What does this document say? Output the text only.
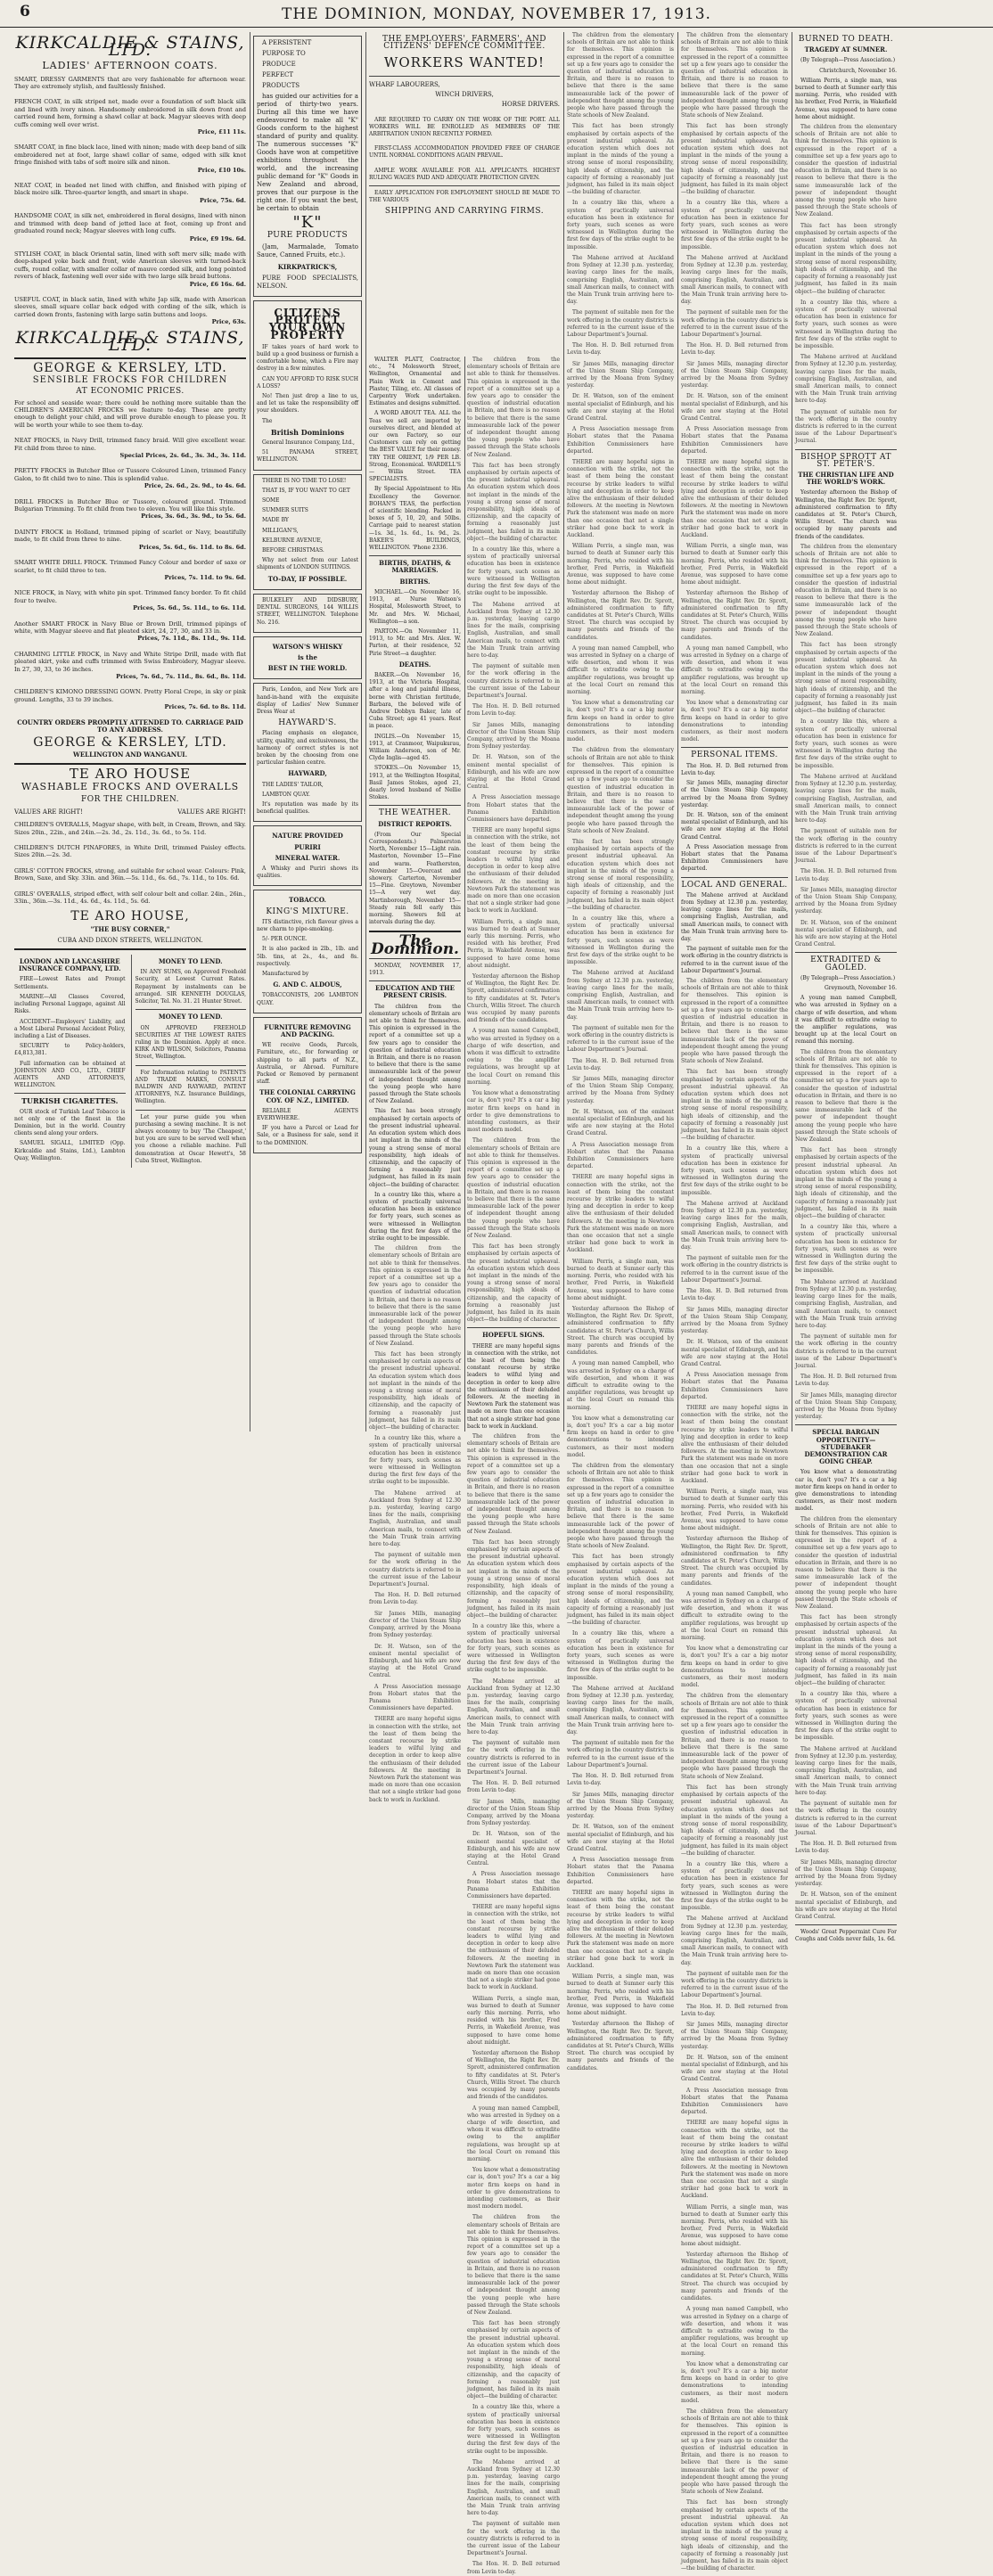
6	THE DOMINION, MONDAY, NOVEMBER 17, 1913.
KIRKCALDIE & STAINS, LTD.
LADIES' AFTERNOON COATS.
SMART, DRESSY GARMENTS that are very fashionable for afternoon wear. They are extremely stylish, and faultlessly finished.
FRENCH COAT, in silk striped net, made over a foundation of soft black silk and lined with ivory ninon. Handsomely embroidered in silk down front and carried round hem, forming a shawl collar at back. Magyar sleeves with deep cuffs coming well over wrist.
Price, £11 11s.
SMART COAT, in fine black lace, lined with ninon; made with deep band of silk embroidered net at foot, large shawl collar of same, edged with silk knot fringe finished with tabs of soft moire silk and ninon.
Price, £10 10s.
NEAT COAT, in beaded net lined with chiffon, and finished with piping of black moire silk. Three-quarter length, and smart in shape.
Price, 75s. 6d.
HANDSOME COAT, in silk net, embroidered in floral designs, lined with ninon and trimmed with deep band of jetted lace at foot, coming up front and graduated round neck; Magyar sleeves with long cuffs.
Price, £9 19s. 6d.
STYLISH COAT, in black Oriental satin, lined with soft merv silk; made with deep-shaped yoke back and front, wide American sleeves with turned-back cuffs, round collar, with smaller collar of mauve corded silk, and long pointed revers of black, fastening well over side with two large silk braid buttons.
Price, £6 16s. 6d.
USEFUL COAT, in black satin, lined with white Jap silk, made with American sleeves, small square collar back edged with cording of the silk, which is carried down fronts, fastening with large satin buttons and loops.
Price, 63s.
KIRKCALDIE & STAINS, LTD.
GEORGE & KERSLEY, LTD.
SENSIBLE FROCKS FOR CHILDREN
AT ECONOMIC PRICES.
For school and seaside wear; there could be nothing more suitable than the CHILDREN'S AMERICAN FROCKS we feature to-day. These are pretty enough to delight your child, and will prove durable enough to please you. It will be worth your while to see them to-day.
NEAT FROCKS, in Navy Drill, trimmed fancy braid. Will give excellent wear. Fit child from three to nine.
Special Prices, 2s. 6d., 3s. 3d., 3s. 11d.
PRETTY FROCKS in Butcher Blue or Tussore Coloured Linen, trimmed Fancy Galon, to fit child two to nine. This is splendid value.
Price, 2s. 6d., 2s. 9d., to 4s. 6d.
DRILL FROCKS in Butcher Blue or Tussore, coloured ground. Trimmed Bulgarian Trimming. To fit child from two to eleven. You will like this style.
Prices, 3s. 6d., 3s. 9d., to 5s. 6d.
DAINTY FROCK in Holland, trimmed piping of scarlet or Navy, beautifully made, to fit child from three to nine.
Prices, 5s. 6d., 6s. 11d. to 8s. 6d.
SMART WHITE DRILL FROCK. Trimmed Fancy Colour and border of saxe or scarlet, to fit child three to ten.
Prices, 7s. 11d. to 9s. 6d.
NICE FROCK, in Navy, with white pin spot. Trimmed fancy border. To fit child four to twelve.
Prices, 5s. 6d., 5s. 11d., to 6s. 11d.
Another SMART FROCK in Navy Blue or Brown Drill, trimmed pipings of white, with Magyar sleeve and flat pleated skirt, 24, 27, 30, and 33 in.
Prices, 7s. 11d., 8s. 11d., 9s. 11d.
CHARMING LITTLE FROCK, in Navy and White Stripe Drill, made with flat pleated skirt, yoke and cuffs trimmed with Swiss Embroidery, Magyar sleeve. In 27, 30, 33, to 36 inches.
Prices, 7s. 6d., 7s. 11d., 8s. 6d., 8s. 11d.
CHILDREN'S KIMONO DRESSING GOWN. Pretty Floral Crepe, in sky or pink ground. Lengths, 33 to 39 inches.
Prices, 7s. 6d. to 8s. 11d.
COUNTRY ORDERS PROMPTLY ATTENDED TO. CARRIAGE PAID TO ANY ADDRESS.
GEORGE & KERSLEY, LTD.
WELLINGTON AND WANGANUI.
TE ARO HOUSE
WASHABLE FROCKS AND OVERALLS
FOR THE CHILDREN.
VALUES ARE RIGHT!	VALUES ARE RIGHT!
CHILDREN'S OVERALLS, Magyar shape, with belt, in Cream, Brown, and Sky. Sizes 20in., 22in., and 24in.—2s. 3d., 2s. 11d., 3s. 6d., to 5s. 11d.
CHILDREN'S DUTCH PINAFORES, in White Drill, trimmed Paisley effects. Sizes 20in.—2s. 3d.
GIRLS' COTTON FROCKS, strong, and suitable for school wear. Colours: Pink, Brown, Saxe, and Sky. 33in. and 36in.—5s. 11d., 6s. 6d., 7s. 11d., to 10s. 6d.
GIRLS' OVERALLS, striped effect, with self colour belt and collar. 24in., 26in., 33in., 36in.—3s. 11d., 4s. 6d., 4s. 11d., 5s. 6d.
TE ARO HOUSE,
"THE BUSY CORNER,"
CUBA AND DIXON STREETS, WELLINGTON.
LONDON AND LANCASHIRE INSURANCE COMPANY, LTD.
FIRE—Lowest Rates and Prompt Settlements.
MARINE—All Classes Covered, including Personal Luggage, against All Risks.
ACCIDENT—Employers' Liability, and a Most Liberal Personal Accident Policy, including a List of Diseases.
SECURITY to Policy-holders, £4,813,381.
Full information can be obtained at JOHNSTON AND CO., LTD., CHIEF AGENTS AND ATTORNEYS, WELLINGTON.
TURKISH CIGARETTES.
OUR stock of Turkish Leaf Tobacco is not only one of the finest in the Dominion, but in the world. Country clients send along your orders.
SAMUEL SIGALL, LIMITED (Opp. Kirkcaldie and Stains, Ltd.), Lambton Quay, Wellington.
MONEY TO LEND.
IN ANY SUMS, on Approved Freehold Security, at Lowest Current Rates. Repayment by instalments can be arranged. SIR KENNETH DOUGLAS, Solicitor, Tel. No. 31. 21 Hunter Street.
MONEY TO LEND.
ON APPROVED FREEHOLD SECURITIES AT THE LOWEST RATES ruling in the Dominion. Apply at once. KIRK AND WILSON, Solicitors, Panama Street, Wellington.
For Information relating to PATENTS AND TRADE MARKS, CONSULT BALDWIN AND RAYWARD, PATENT ATTORNEYS, N.Z. Insurance Buildings, Wellington.
Let your purse guide you when purchasing a sewing machine. It is not always economy to buy 'The Cheapest,' but you are sure to be served well when you choose a reliable machine. Full demonstration at Oscar Hewett's, 58 Cuba Street, Wellington.
A PERSISTENT
PURPOSE TO
PRODUCE
PERFECT
PRODUCTS
has guided our activities for a period of thirty-two years. During all this time we have endeavoured to make all "K" Goods conform to the highest standard of purity and quality. The numerous successes "K" Goods have won at competitive exhibitions throughout the world, and the increasing public demand for "K" Goods in New Zealand and abroad, proves that our purpose is the right one. If you want the best, be certain to obtain
"K"
PURE PRODUCTS
(Jam, Marmalade, Tomato Sauce, Canned Fruits, etc.).
KIRKPATRICK'S,
PURE FOOD SPECIALISTS, NELSON.
CITIZENS PROTECT YOUR OWN PROPERTY
IF takes years of hard work to build up a good business or furnish a comfortable home, which a Fire may destroy in a few minutes.
CAN YOU AFFORD TO RISK SUCH A LOSS?
No! Then just drop a line to us, and let us take the responsibility off your shoulders.
The
British Dominions
General Insurance Company, Ltd.,
51 PANAMA STREET, WELLINGTON.
THERE IS NO TIME TO LOSE!
THAT IS, IF YOU WANT TO GET
SOME
SUMMER SUITS
MADE BY
MILLIGAN'S,
KELBURNE AVENUE,
BEFORE CHRISTMAS.
Why not select from our Latest shipments of LONDON SUITINGS.
TO-DAY, IF POSSIBLE.
BULKELEY AND DIDSBURY, DENTAL SURGEONS, 144 WILLIS STREET, WELLINGTON. Telephone No. 216.
WATSON'S WHISKY
is the
BEST IN THE WORLD.
Paris, London, and New York are hand-in-hand with the exquisite display of Ladies' New Summer Dress Wear at
HAYWARD'S.
Placing emphasis on elegance, utility, quality, and exclusiveness, the harmony of correct styles is not broken by the choosing from one particular fashion centre.
HAYWARD,
THE LADIES' TAILOR,
LAMBTON QUAY.
It's reputation was made by its beneficial qualities.
NATURE PROVIDED
PURIRI
MINERAL WATER.
A Whisky and Puriri shows its qualities.
TOBACCO.
KING'S MIXTURE.
ITS distinctive, rich flavour gives a new charm to pipe-smoking.
5/- PER OUNCE.
It is also packed in 2lb., 1lb. and 5lb. tins, at 2s., 4s., and 8s. respectively.
Manufactured by
G. AND C. ALDOUS,
TOBACCONISTS, 206 LAMBTON QUAY.
FURNITURE REMOVING AND PACKING.
WE receive Goods, Parcels, Furniture, etc., for forwarding or shipping to all parts of N.Z., Australia, or Abroad. Furniture Packed or Removed by permanent staff.
THE COLONIAL CARRYING COY. OF N.Z., LIMITED.
RELIABLE AGENTS EVERYWHERE.
IF you have a Parcel or Lead for Sale, or a Business for sale, send it to the DOMINION.
THE EMPLOYERS', FARMERS', AND CITIZENS' DEFENCE COMMITTEE.
WORKERS WANTED!
WHARF LABOURERS,
WINCH DRIVERS,
HORSE DRIVERS.
ARE REQUIRED TO CARRY ON THE WORK OF THE PORT. ALL WORKERS WILL BE ENROLLED AS MEMBERS OF THE ARBITRATION UNION RECENTLY FORMED.
FIRST-CLASS ACCOMMODATION PROVIDED FREE OF CHARGE UNTIL NORMAL CONDITIONS AGAIN PREVAIL.
AMPLE WORK AVAILABLE FOR ALL APPLICANTS. HIGHEST RULING WAGES PAID AND ADEQUATE PROTECTION GIVEN.
EARLY APPLICATION FOR EMPLOYMENT SHOULD BE MADE TO THE VARIOUS
SHIPPING AND CARRYING FIRMS.
WALTER PLATT, Contractor, etc., 74 Molesworth Street, Wellington, Ornamental and Plain Work in Cement and Plaster, Tiling, etc. All classes of Carpentry Work undertaken. Estimates and designs submitted.
A WORD ABOUT TEA. ALL the Teas we sell are imported by ourselves direct, and blended at our own Factory, so our Customers can rely on getting the BEST VALUE for their money. TRY THE ORIENT, 1/9 PER LB. Strong, Economical. WARDELL'S — Willis Street. TEA SPECIALISTS.
By Special Appointment to His Excellency the Governor. BOHAN'S TEAS, the perfection of scientific blending. Packed in boxes of 5, 10, 20, and 50lbs. Carriage paid to nearest station—1s. 3d., 1s. 6d., 1s. 9d., 2s. BAKER'S BUILDINGS, WELLINGTON. 'Phone 2336.
BIRTHS, DEATHS, & MARRIAGES.
BIRTHS.
MICHAEL.—On November 16, 1913, at Nurse Watson's Hospital, Molesworth Street, to Mr. and Mrs. W. Michael, Wellington—a son.
PARTON.—On November 11, 1913, to Mr. and Mrs. Alex. W. Parton, at their residence, 52 Pirie Street—a daughter.
DEATHS.
BAKER.—On November 16, 1913, at the Victoria Hospital, after a long and painful illness, borne with Christian fortitude, Barbara, the beloved wife of Andrew Dobbyn Baker, late of Cuba Street; age 41 years. Rest in peace.
INGLIS.—On November 15, 1913, at Cranmoor, Waipukurau, William Anderson, son of Mr. Clyde Inglis—aged 45.
STOKES.—On November 15, 1913, at the Wellington Hospital, Basil James Stokes, aged 21, dearly loved husband of Nellie Stokes.
THE WEATHER.
DISTRICT REPORTS.
(From Our Special Correspondents.) Palmerston North, November 15—Light rain. Masterton, November 15—Fine and warm. Featherston, November 15—Overcast and showery. Carterton, November 15—Fine. Greytown, November 15—A very wet day. Martinborough, November 15—Steady rain fell early this morning. Showers fell at intervals during the day.
The Dominion.
MONDAY, NOVEMBER 17, 1913.
EDUCATION AND THE PRESENT CRISIS.
The children from the elementary schools of Britain are not able to think for themselves. This opinion is expressed in the report of a committee set up a few years ago to consider the question of industrial education in Britain, and there is no reason to believe that there is the same immeasurable lack of the power of independent thought among the young people who have passed through the State schools of New Zealand.
This fact has been strongly emphasised by certain aspects of the present industrial upheaval. An education system which does not implant in the minds of the young a strong sense of moral responsibility, high ideals of citizenship, and the capacity of forming a reasonably just judgment, has failed in its main object—the building of character.
In a country like this, where a system of practically universal education has been in existence for forty years, such scenes as were witnessed in Wellington during the first few days of the strike ought to be impossible.
The children from the elementary schools of Britain are not able to think for themselves. This opinion is expressed in the report of a committee set up a few years ago to consider the question of industrial education in Britain, and there is no reason to believe that there is the same immeasurable lack of the power of independent thought among the young people who have passed through the State schools of New Zealand.
This fact has been strongly emphasised by certain aspects of the present industrial upheaval. An education system which does not implant in the minds of the young a strong sense of moral responsibility, high ideals of citizenship, and the capacity of forming a reasonably just judgment, has failed in its main object—the building of character.
In a country like this, where a system of practically universal education has been in existence for forty years, such scenes as were witnessed in Wellington during the first few days of the strike ought to be impossible.
The Mahene arrived at Auckland from Sydney at 12.30 p.m. yesterday, leaving cargo lines for the mails, comprising English, Australian, and small American mails, to connect with the Main Trunk train arriving here to-day.
The payment of suitable men for the work offering in the country districts is referred to in the current issue of the Labour Department's Journal.
The Hon. H. D. Bell returned from Levin to-day.
Sir James Mills, managing director of the Union Steam Ship Company, arrived by the Moana from Sydney yesterday.
Dr. H. Watson, son of the eminent mental specialist of Edinburgh, and his wife are now staying at the Hotel Grand Central.
A Press Association message from Hobart states that the Panama Exhibition Commissioners have departed.
THERE are many hopeful signs in connection with the strike, not the least of them being the constant recourse by strike leaders to wilful lying and deception in order to keep alive the enthusiasm of their deluded followers. At the meeting in Newtown Park the statement was made on more than one occasion that not a single striker had gone back to work in Auckland.
The children from the elementary schools of Britain are not able to think for themselves. This opinion is expressed in the report of a committee set up a few years ago to consider the question of industrial education in Britain, and there is no reason to believe that there is the same immeasurable lack of the power of independent thought among the young people who have passed through the State schools of New Zealand.
This fact has been strongly emphasised by certain aspects of the present industrial upheaval. An education system which does not implant in the minds of the young a strong sense of moral responsibility, high ideals of citizenship, and the capacity of forming a reasonably just judgment, has failed in its main object—the building of character.
In a country like this, where a system of practically universal education has been in existence for forty years, such scenes as were witnessed in Wellington during the first few days of the strike ought to be impossible.
The Mahene arrived at Auckland from Sydney at 12.30 p.m. yesterday, leaving cargo lines for the mails, comprising English, Australian, and small American mails, to connect with the Main Trunk train arriving here to-day.
The payment of suitable men for the work offering in the country districts is referred to in the current issue of the Labour Department's Journal.
The Hon. H. D. Bell returned from Levin to-day.
Sir James Mills, managing director of the Union Steam Ship Company, arrived by the Moana from Sydney yesterday.
Dr. H. Watson, son of the eminent mental specialist of Edinburgh, and his wife are now staying at the Hotel Grand Central.
A Press Association message from Hobart states that the Panama Exhibition Commissioners have departed.
THERE are many hopeful signs in connection with the strike, not the least of them being the constant recourse by strike leaders to wilful lying and deception in order to keep alive the enthusiasm of their deluded followers. At the meeting in Newtown Park the statement was made on more than one occasion that not a single striker had gone back to work in Auckland.
William Perris, a single man, was burned to death at Sumner early this morning. Perris, who resided with his brother, Fred Perris, in Wakefield Avenue, was supposed to have come home about midnight.
Yesterday afternoon the Bishop of Wellington, the Right Rev. Dr. Sprott, administered confirmation to fifty candidates at St. Peter's Church, Willis Street. The church was occupied by many parents and friends of the candidates.
A young man named Campbell, who was arrested in Sydney on a charge of wife desertion, and whom it was difficult to extradite owing to the amplifier regulations, was brought up at the local Court on remand this morning.
You know what a demonstrating car is, don't you? It's a car a big motor firm keeps on hand in order to give demonstrations to intending customers, as their most modern model.
The children from the elementary schools of Britain are not able to think for themselves. This opinion is expressed in the report of a committee set up a few years ago to consider the question of industrial education in Britain, and there is no reason to believe that there is the same immeasurable lack of the power of independent thought among the young people who have passed through the State schools of New Zealand.
This fact has been strongly emphasised by certain aspects of the present industrial upheaval. An education system which does not implant in the minds of the young a strong sense of moral responsibility, high ideals of citizenship, and the capacity of forming a reasonably just judgment, has failed in its main object—the building of character.
HOPEFUL SIGNS.
THERE are many hopeful signs in connection with the strike, not the least of them being the constant recourse by strike leaders to wilful lying and deception in order to keep alive the enthusiasm of their deluded followers. At the meeting in Newtown Park the statement was made on more than one occasion that not a single striker had gone back to work in Auckland.
The children from the elementary schools of Britain are not able to think for themselves. This opinion is expressed in the report of a committee set up a few years ago to consider the question of industrial education in Britain, and there is no reason to believe that there is the same immeasurable lack of the power of independent thought among the young people who have passed through the State schools of New Zealand.
This fact has been strongly emphasised by certain aspects of the present industrial upheaval. An education system which does not implant in the minds of the young a strong sense of moral responsibility, high ideals of citizenship, and the capacity of forming a reasonably just judgment, has failed in its main object—the building of character.
In a country like this, where a system of practically universal education has been in existence for forty years, such scenes as were witnessed in Wellington during the first few days of the strike ought to be impossible.
The Mahene arrived at Auckland from Sydney at 12.30 p.m. yesterday, leaving cargo lines for the mails, comprising English, Australian, and small American mails, to connect with the Main Trunk train arriving here to-day.
The payment of suitable men for the work offering in the country districts is referred to in the current issue of the Labour Department's Journal.
The Hon. H. D. Bell returned from Levin to-day.
Sir James Mills, managing director of the Union Steam Ship Company, arrived by the Moana from Sydney yesterday.
Dr. H. Watson, son of the eminent mental specialist of Edinburgh, and his wife are now staying at the Hotel Grand Central.
A Press Association message from Hobart states that the Panama Exhibition Commissioners have departed.
THERE are many hopeful signs in connection with the strike, not the least of them being the constant recourse by strike leaders to wilful lying and deception in order to keep alive the enthusiasm of their deluded followers. At the meeting in Newtown Park the statement was made on more than one occasion that not a single striker had gone back to work in Auckland.
William Perris, a single man, was burned to death at Sumner early this morning. Perris, who resided with his brother, Fred Perris, in Wakefield Avenue, was supposed to have come home about midnight.
Yesterday afternoon the Bishop of Wellington, the Right Rev. Dr. Sprott, administered confirmation to fifty candidates at St. Peter's Church, Willis Street. The church was occupied by many parents and friends of the candidates.
A young man named Campbell, who was arrested in Sydney on a charge of wife desertion, and whom it was difficult to extradite owing to the amplifier regulations, was brought up at the local Court on remand this morning.
You know what a demonstrating car is, don't you? It's a car a big motor firm keeps on hand in order to give demonstrations to intending customers, as their most modern model.
The children from the elementary schools of Britain are not able to think for themselves. This opinion is expressed in the report of a committee set up a few years ago to consider the question of industrial education in Britain, and there is no reason to believe that there is the same immeasurable lack of the power of independent thought among the young people who have passed through the State schools of New Zealand.
This fact has been strongly emphasised by certain aspects of the present industrial upheaval. An education system which does not implant in the minds of the young a strong sense of moral responsibility, high ideals of citizenship, and the capacity of forming a reasonably just judgment, has failed in its main object—the building of character.
In a country like this, where a system of practically universal education has been in existence for forty years, such scenes as were witnessed in Wellington during the first few days of the strike ought to be impossible.
The Mahene arrived at Auckland from Sydney at 12.30 p.m. yesterday, leaving cargo lines for the mails, comprising English, Australian, and small American mails, to connect with the Main Trunk train arriving here to-day.
The payment of suitable men for the work offering in the country districts is referred to in the current issue of the Labour Department's Journal.
The Hon. H. D. Bell returned from Levin to-day.
The children from the elementary schools of Britain are not able to think for themselves. This opinion is expressed in the report of a committee set up a few years ago to consider the question of industrial education in Britain, and there is no reason to believe that there is the same immeasurable lack of the power of independent thought among the young people who have passed through the State schools of New Zealand.
This fact has been strongly emphasised by certain aspects of the present industrial upheaval. An education system which does not implant in the minds of the young a strong sense of moral responsibility, high ideals of citizenship, and the capacity of forming a reasonably just judgment, has failed in its main object—the building of character.
In a country like this, where a system of practically universal education has been in existence for forty years, such scenes as were witnessed in Wellington during the first few days of the strike ought to be impossible.
The Mahene arrived at Auckland from Sydney at 12.30 p.m. yesterday, leaving cargo lines for the mails, comprising English, Australian, and small American mails, to connect with the Main Trunk train arriving here to-day.
The payment of suitable men for the work offering in the country districts is referred to in the current issue of the Labour Department's Journal.
The Hon. H. D. Bell returned from Levin to-day.
Sir James Mills, managing director of the Union Steam Ship Company, arrived by the Moana from Sydney yesterday.
Dr. H. Watson, son of the eminent mental specialist of Edinburgh, and his wife are now staying at the Hotel Grand Central.
A Press Association message from Hobart states that the Panama Exhibition Commissioners have departed.
THERE are many hopeful signs in connection with the strike, not the least of them being the constant recourse by strike leaders to wilful lying and deception in order to keep alive the enthusiasm of their deluded followers. At the meeting in Newtown Park the statement was made on more than one occasion that not a single striker had gone back to work in Auckland.
William Perris, a single man, was burned to death at Sumner early this morning. Perris, who resided with his brother, Fred Perris, in Wakefield Avenue, was supposed to have come home about midnight.
Yesterday afternoon the Bishop of Wellington, the Right Rev. Dr. Sprott, administered confirmation to fifty candidates at St. Peter's Church, Willis Street. The church was occupied by many parents and friends of the candidates.
A young man named Campbell, who was arrested in Sydney on a charge of wife desertion, and whom it was difficult to extradite owing to the amplifier regulations, was brought up at the local Court on remand this morning.
You know what a demonstrating car is, don't you? It's a car a big motor firm keeps on hand in order to give demonstrations to intending customers, as their most modern model.
The children from the elementary schools of Britain are not able to think for themselves. This opinion is expressed in the report of a committee set up a few years ago to consider the question of industrial education in Britain, and there is no reason to believe that there is the same immeasurable lack of the power of independent thought among the young people who have passed through the State schools of New Zealand.
This fact has been strongly emphasised by certain aspects of the present industrial upheaval. An education system which does not implant in the minds of the young a strong sense of moral responsibility, high ideals of citizenship, and the capacity of forming a reasonably just judgment, has failed in its main object—the building of character.
In a country like this, where a system of practically universal education has been in existence for forty years, such scenes as were witnessed in Wellington during the first few days of the strike ought to be impossible.
The Mahene arrived at Auckland from Sydney at 12.30 p.m. yesterday, leaving cargo lines for the mails, comprising English, Australian, and small American mails, to connect with the Main Trunk train arriving here to-day.
The payment of suitable men for the work offering in the country districts is referred to in the current issue of the Labour Department's Journal.
The Hon. H. D. Bell returned from Levin to-day.
Sir James Mills, managing director of the Union Steam Ship Company, arrived by the Moana from Sydney yesterday.
Dr. H. Watson, son of the eminent mental specialist of Edinburgh, and his wife are now staying at the Hotel Grand Central.
A Press Association message from Hobart states that the Panama Exhibition Commissioners have departed.
THERE are many hopeful signs in connection with the strike, not the least of them being the constant recourse by strike leaders to wilful lying and deception in order to keep alive the enthusiasm of their deluded followers. At the meeting in Newtown Park the statement was made on more than one occasion that not a single striker had gone back to work in Auckland.
William Perris, a single man, was burned to death at Sumner early this morning. Perris, who resided with his brother, Fred Perris, in Wakefield Avenue, was supposed to have come home about midnight.
Yesterday afternoon the Bishop of Wellington, the Right Rev. Dr. Sprott, administered confirmation to fifty candidates at St. Peter's Church, Willis Street. The church was occupied by many parents and friends of the candidates.
A young man named Campbell, who was arrested in Sydney on a charge of wife desertion, and whom it was difficult to extradite owing to the amplifier regulations, was brought up at the local Court on remand this morning.
You know what a demonstrating car is, don't you? It's a car a big motor firm keeps on hand in order to give demonstrations to intending customers, as their most modern model.
The children from the elementary schools of Britain are not able to think for themselves. This opinion is expressed in the report of a committee set up a few years ago to consider the question of industrial education in Britain, and there is no reason to believe that there is the same immeasurable lack of the power of independent thought among the young people who have passed through the State schools of New Zealand.
This fact has been strongly emphasised by certain aspects of the present industrial upheaval. An education system which does not implant in the minds of the young a strong sense of moral responsibility, high ideals of citizenship, and the capacity of forming a reasonably just judgment, has failed in its main object—the building of character.
In a country like this, where a system of practically universal education has been in existence for forty years, such scenes as were witnessed in Wellington during the first few days of the strike ought to be impossible.
The Mahene arrived at Auckland from Sydney at 12.30 p.m. yesterday, leaving cargo lines for the mails, comprising English, Australian, and small American mails, to connect with the Main Trunk train arriving here to-day.
The payment of suitable men for the work offering in the country districts is referred to in the current issue of the Labour Department's Journal.
The Hon. H. D. Bell returned from Levin to-day.
Sir James Mills, managing director of the Union Steam Ship Company, arrived by the Moana from Sydney yesterday.
Dr. H. Watson, son of the eminent mental specialist of Edinburgh, and his wife are now staying at the Hotel Grand Central.
A Press Association message from Hobart states that the Panama Exhibition Commissioners have departed.
THERE are many hopeful signs in connection with the strike, not the least of them being the constant recourse by strike leaders to wilful lying and deception in order to keep alive the enthusiasm of their deluded followers. At the meeting in Newtown Park the statement was made on more than one occasion that not a single striker had gone back to work in Auckland.
William Perris, a single man, was burned to death at Sumner early this morning. Perris, who resided with his brother, Fred Perris, in Wakefield Avenue, was supposed to have come home about midnight.
Yesterday afternoon the Bishop of Wellington, the Right Rev. Dr. Sprott, administered confirmation to fifty candidates at St. Peter's Church, Willis Street. The church was occupied by many parents and friends of the candidates.
The children from the elementary schools of Britain are not able to think for themselves. This opinion is expressed in the report of a committee set up a few years ago to consider the question of industrial education in Britain, and there is no reason to believe that there is the same immeasurable lack of the power of independent thought among the young people who have passed through the State schools of New Zealand.
This fact has been strongly emphasised by certain aspects of the present industrial upheaval. An education system which does not implant in the minds of the young a strong sense of moral responsibility, high ideals of citizenship, and the capacity of forming a reasonably just judgment, has failed in its main object—the building of character.
In a country like this, where a system of practically universal education has been in existence for forty years, such scenes as were witnessed in Wellington during the first few days of the strike ought to be impossible.
The Mahene arrived at Auckland from Sydney at 12.30 p.m. yesterday, leaving cargo lines for the mails, comprising English, Australian, and small American mails, to connect with the Main Trunk train arriving here to-day.
The payment of suitable men for the work offering in the country districts is referred to in the current issue of the Labour Department's Journal.
The Hon. H. D. Bell returned from Levin to-day.
Sir James Mills, managing director of the Union Steam Ship Company, arrived by the Moana from Sydney yesterday.
Dr. H. Watson, son of the eminent mental specialist of Edinburgh, and his wife are now staying at the Hotel Grand Central.
A Press Association message from Hobart states that the Panama Exhibition Commissioners have departed.
THERE are many hopeful signs in connection with the strike, not the least of them being the constant recourse by strike leaders to wilful lying and deception in order to keep alive the enthusiasm of their deluded followers. At the meeting in Newtown Park the statement was made on more than one occasion that not a single striker had gone back to work in Auckland.
William Perris, a single man, was burned to death at Sumner early this morning. Perris, who resided with his brother, Fred Perris, in Wakefield Avenue, was supposed to have come home about midnight.
Yesterday afternoon the Bishop of Wellington, the Right Rev. Dr. Sprott, administered confirmation to fifty candidates at St. Peter's Church, Willis Street. The church was occupied by many parents and friends of the candidates.
A young man named Campbell, who was arrested in Sydney on a charge of wife desertion, and whom it was difficult to extradite owing to the amplifier regulations, was brought up at the local Court on remand this morning.
You know what a demonstrating car is, don't you? It's a car a big motor firm keeps on hand in order to give demonstrations to intending customers, as their most modern model.
PERSONAL ITEMS.
The Hon. H. D. Bell returned from Levin to-day.
Sir James Mills, managing director of the Union Steam Ship Company, arrived by the Moana from Sydney yesterday.
Dr. H. Watson, son of the eminent mental specialist of Edinburgh, and his wife are now staying at the Hotel Grand Central.
A Press Association message from Hobart states that the Panama Exhibition Commissioners have departed.
LOCAL AND GENERAL.
The Mahene arrived at Auckland from Sydney at 12.30 p.m. yesterday, leaving cargo lines for the mails, comprising English, Australian, and small American mails, to connect with the Main Trunk train arriving here to-day.
The payment of suitable men for the work offering in the country districts is referred to in the current issue of the Labour Department's Journal.
The children from the elementary schools of Britain are not able to think for themselves. This opinion is expressed in the report of a committee set up a few years ago to consider the question of industrial education in Britain, and there is no reason to believe that there is the same immeasurable lack of the power of independent thought among the young people who have passed through the State schools of New Zealand.
This fact has been strongly emphasised by certain aspects of the present industrial upheaval. An education system which does not implant in the minds of the young a strong sense of moral responsibility, high ideals of citizenship, and the capacity of forming a reasonably just judgment, has failed in its main object—the building of character.
In a country like this, where a system of practically universal education has been in existence for forty years, such scenes as were witnessed in Wellington during the first few days of the strike ought to be impossible.
The Mahene arrived at Auckland from Sydney at 12.30 p.m. yesterday, leaving cargo lines for the mails, comprising English, Australian, and small American mails, to connect with the Main Trunk train arriving here to-day.
The payment of suitable men for the work offering in the country districts is referred to in the current issue of the Labour Department's Journal.
The Hon. H. D. Bell returned from Levin to-day.
Sir James Mills, managing director of the Union Steam Ship Company, arrived by the Moana from Sydney yesterday.
Dr. H. Watson, son of the eminent mental specialist of Edinburgh, and his wife are now staying at the Hotel Grand Central.
A Press Association message from Hobart states that the Panama Exhibition Commissioners have departed.
THERE are many hopeful signs in connection with the strike, not the least of them being the constant recourse by strike leaders to wilful lying and deception in order to keep alive the enthusiasm of their deluded followers. At the meeting in Newtown Park the statement was made on more than one occasion that not a single striker had gone back to work in Auckland.
William Perris, a single man, was burned to death at Sumner early this morning. Perris, who resided with his brother, Fred Perris, in Wakefield Avenue, was supposed to have come home about midnight.
Yesterday afternoon the Bishop of Wellington, the Right Rev. Dr. Sprott, administered confirmation to fifty candidates at St. Peter's Church, Willis Street. The church was occupied by many parents and friends of the candidates.
A young man named Campbell, who was arrested in Sydney on a charge of wife desertion, and whom it was difficult to extradite owing to the amplifier regulations, was brought up at the local Court on remand this morning.
You know what a demonstrating car is, don't you? It's a car a big motor firm keeps on hand in order to give demonstrations to intending customers, as their most modern model.
The children from the elementary schools of Britain are not able to think for themselves. This opinion is expressed in the report of a committee set up a few years ago to consider the question of industrial education in Britain, and there is no reason to believe that there is the same immeasurable lack of the power of independent thought among the young people who have passed through the State schools of New Zealand.
This fact has been strongly emphasised by certain aspects of the present industrial upheaval. An education system which does not implant in the minds of the young a strong sense of moral responsibility, high ideals of citizenship, and the capacity of forming a reasonably just judgment, has failed in its main object—the building of character.
In a country like this, where a system of practically universal education has been in existence for forty years, such scenes as were witnessed in Wellington during the first few days of the strike ought to be impossible.
The Mahene arrived at Auckland from Sydney at 12.30 p.m. yesterday, leaving cargo lines for the mails, comprising English, Australian, and small American mails, to connect with the Main Trunk train arriving here to-day.
The payment of suitable men for the work offering in the country districts is referred to in the current issue of the Labour Department's Journal.
The Hon. H. D. Bell returned from Levin to-day.
Sir James Mills, managing director of the Union Steam Ship Company, arrived by the Moana from Sydney yesterday.
Dr. H. Watson, son of the eminent mental specialist of Edinburgh, and his wife are now staying at the Hotel Grand Central.
A Press Association message from Hobart states that the Panama Exhibition Commissioners have departed.
THERE are many hopeful signs in connection with the strike, not the least of them being the constant recourse by strike leaders to wilful lying and deception in order to keep alive the enthusiasm of their deluded followers. At the meeting in Newtown Park the statement was made on more than one occasion that not a single striker had gone back to work in Auckland.
William Perris, a single man, was burned to death at Sumner early this morning. Perris, who resided with his brother, Fred Perris, in Wakefield Avenue, was supposed to have come home about midnight.
Yesterday afternoon the Bishop of Wellington, the Right Rev. Dr. Sprott, administered confirmation to fifty candidates at St. Peter's Church, Willis Street. The church was occupied by many parents and friends of the candidates.
A young man named Campbell, who was arrested in Sydney on a charge of wife desertion, and whom it was difficult to extradite owing to the amplifier regulations, was brought up at the local Court on remand this morning.
You know what a demonstrating car is, don't you? It's a car a big motor firm keeps on hand in order to give demonstrations to intending customers, as their most modern model.
The children from the elementary schools of Britain are not able to think for themselves. This opinion is expressed in the report of a committee set up a few years ago to consider the question of industrial education in Britain, and there is no reason to believe that there is the same immeasurable lack of the power of independent thought among the young people who have passed through the State schools of New Zealand.
This fact has been strongly emphasised by certain aspects of the present industrial upheaval. An education system which does not implant in the minds of the young a strong sense of moral responsibility, high ideals of citizenship, and the capacity of forming a reasonably just judgment, has failed in its main object—the building of character.
BURNED TO DEATH.
TRAGEDY AT SUMNER.
(By Telegraph—Press Association.)
Christchurch, November 16.
William Perris, a single man, was burned to death at Sumner early this morning. Perris, who resided with his brother, Fred Perris, in Wakefield Avenue, was supposed to have come home about midnight.
The children from the elementary schools of Britain are not able to think for themselves. This opinion is expressed in the report of a committee set up a few years ago to consider the question of industrial education in Britain, and there is no reason to believe that there is the same immeasurable lack of the power of independent thought among the young people who have passed through the State schools of New Zealand.
This fact has been strongly emphasised by certain aspects of the present industrial upheaval. An education system which does not implant in the minds of the young a strong sense of moral responsibility, high ideals of citizenship, and the capacity of forming a reasonably just judgment, has failed in its main object—the building of character.
In a country like this, where a system of practically universal education has been in existence for forty years, such scenes as were witnessed in Wellington during the first few days of the strike ought to be impossible.
The Mahene arrived at Auckland from Sydney at 12.30 p.m. yesterday, leaving cargo lines for the mails, comprising English, Australian, and small American mails, to connect with the Main Trunk train arriving here to-day.
The payment of suitable men for the work offering in the country districts is referred to in the current issue of the Labour Department's Journal.
BISHOP SPROTT AT ST. PETER'S.
THE CHRISTIAN LIFE AND THE WORLD'S WORK.
Yesterday afternoon the Bishop of Wellington, the Right Rev. Dr. Sprott, administered confirmation to fifty candidates at St. Peter's Church, Willis Street. The church was occupied by many parents and friends of the candidates.
The children from the elementary schools of Britain are not able to think for themselves. This opinion is expressed in the report of a committee set up a few years ago to consider the question of industrial education in Britain, and there is no reason to believe that there is the same immeasurable lack of the power of independent thought among the young people who have passed through the State schools of New Zealand.
This fact has been strongly emphasised by certain aspects of the present industrial upheaval. An education system which does not implant in the minds of the young a strong sense of moral responsibility, high ideals of citizenship, and the capacity of forming a reasonably just judgment, has failed in its main object—the building of character.
In a country like this, where a system of practically universal education has been in existence for forty years, such scenes as were witnessed in Wellington during the first few days of the strike ought to be impossible.
The Mahene arrived at Auckland from Sydney at 12.30 p.m. yesterday, leaving cargo lines for the mails, comprising English, Australian, and small American mails, to connect with the Main Trunk train arriving here to-day.
The payment of suitable men for the work offering in the country districts is referred to in the current issue of the Labour Department's Journal.
The Hon. H. D. Bell returned from Levin to-day.
Sir James Mills, managing director of the Union Steam Ship Company, arrived by the Moana from Sydney yesterday.
Dr. H. Watson, son of the eminent mental specialist of Edinburgh, and his wife are now staying at the Hotel Grand Central.
EXTRADITED & GAOLED.
(By Telegraph—Press Association.)
Greymouth, November 16.
A young man named Campbell, who was arrested in Sydney on a charge of wife desertion, and whom it was difficult to extradite owing to the amplifier regulations, was brought up at the local Court on remand this morning.
The children from the elementary schools of Britain are not able to think for themselves. This opinion is expressed in the report of a committee set up a few years ago to consider the question of industrial education in Britain, and there is no reason to believe that there is the same immeasurable lack of the power of independent thought among the young people who have passed through the State schools of New Zealand.
This fact has been strongly emphasised by certain aspects of the present industrial upheaval. An education system which does not implant in the minds of the young a strong sense of moral responsibility, high ideals of citizenship, and the capacity of forming a reasonably just judgment, has failed in its main object—the building of character.
In a country like this, where a system of practically universal education has been in existence for forty years, such scenes as were witnessed in Wellington during the first few days of the strike ought to be impossible.
The Mahene arrived at Auckland from Sydney at 12.30 p.m. yesterday, leaving cargo lines for the mails, comprising English, Australian, and small American mails, to connect with the Main Trunk train arriving here to-day.
The payment of suitable men for the work offering in the country districts is referred to in the current issue of the Labour Department's Journal.
The Hon. H. D. Bell returned from Levin to-day.
Sir James Mills, managing director of the Union Steam Ship Company, arrived by the Moana from Sydney yesterday.
SPECIAL BARGAIN OPPORTUNITY—STUDEBAKER DEMONSTRATION CAR GOING CHEAP.
You know what a demonstrating car is, don't you? It's a car a big motor firm keeps on hand in order to give demonstrations to intending customers, as their most modern model.
The children from the elementary schools of Britain are not able to think for themselves. This opinion is expressed in the report of a committee set up a few years ago to consider the question of industrial education in Britain, and there is no reason to believe that there is the same immeasurable lack of the power of independent thought among the young people who have passed through the State schools of New Zealand.
This fact has been strongly emphasised by certain aspects of the present industrial upheaval. An education system which does not implant in the minds of the young a strong sense of moral responsibility, high ideals of citizenship, and the capacity of forming a reasonably just judgment, has failed in its main object—the building of character.
In a country like this, where a system of practically universal education has been in existence for forty years, such scenes as were witnessed in Wellington during the first few days of the strike ought to be impossible.
The Mahene arrived at Auckland from Sydney at 12.30 p.m. yesterday, leaving cargo lines for the mails, comprising English, Australian, and small American mails, to connect with the Main Trunk train arriving here to-day.
The payment of suitable men for the work offering in the country districts is referred to in the current issue of the Labour Department's Journal.
The Hon. H. D. Bell returned from Levin to-day.
Sir James Mills, managing director of the Union Steam Ship Company, arrived by the Moana from Sydney yesterday.
Dr. H. Watson, son of the eminent mental specialist of Edinburgh, and his wife are now staying at the Hotel Grand Central.
Woods' Great Peppermint Cure For Coughs and Colds never fails, 1s. 6d.
